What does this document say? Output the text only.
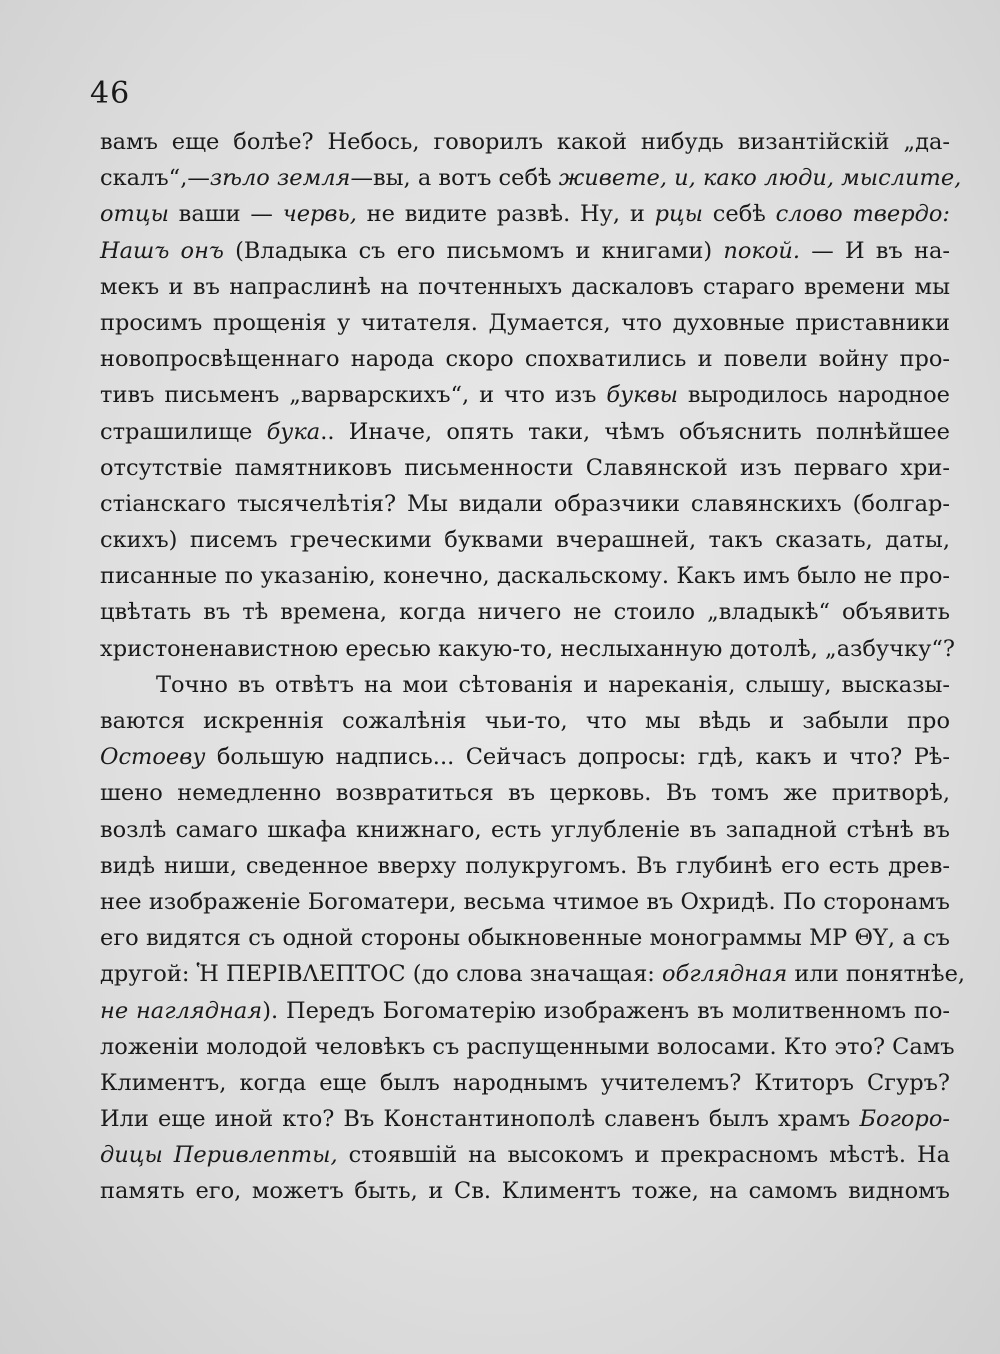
46
вамъ еще болѣе? Небось, говорилъ какой нибудь византійскій „да-
скалъ“,—зѣло земля—вы, а вотъ себѣ живете, и, како люди, мыслите,
отцы ваши — червь, не видите развѣ. Ну, и рцы себѣ слово твердо:
Нашъ онъ (Владыка съ его письмомъ и книгами) покой. — И въ на-
мекъ и въ напраслинѣ на почтенныхъ даскаловъ стараго времени мы
просимъ прощенія у читателя. Думается, что духовные приставники
новопросвѣщеннаго народа скоро спохватились и повели войну про-
тивъ письменъ „варварскихъ“, и что изъ буквы выродилось народное
страшилище бука.. Иначе, опять таки, чѣмъ объяснить полнѣйшее
отсутствіе памятниковъ письменности Славянской изъ перваго хри-
стіанскаго тысячелѣтія? Мы видали образчики славянскихъ (болгар-
скихъ) писемъ греческими буквами вчерашней, такъ сказать, даты,
писанные по указанію, конечно, даскальскому. Какъ имъ было не про-
цвѣтать въ тѣ времена, когда ничего не стоило „владыкѣ“ объявить
христоненавистною ересью какую-то, неслыханную дотолѣ, „азбучку“?
Точно въ отвѣтъ на мои сѣтованія и нареканія, слышу, высказы-
ваются искреннія сожалѣнія чьи-то, что мы вѣдь и забыли про
Остоеву большую надпись... Сейчасъ допросы: гдѣ, какъ и что? Рѣ-
шено немедленно возвратиться въ церковь. Въ томъ же притворѣ,
возлѣ самаго шкафа книжнаго, есть углубленіе въ западной стѣнѣ въ
видѣ ниши, сведенное вверху полукругомъ. Въ глубинѣ его есть древ-
нее изображеніе Богоматери, весьма чтимое въ Охридѣ. По сторонамъ
его видятся съ одной стороны обыкновенные монограммы МР ΘΥ, а съ
другой: Ἡ ΠΕΡΙΒΛΕΠΤΟС (до слова значащая: обглядная или понятнѣе,
не наглядная). Передъ Богоматерію изображенъ въ молитвенномъ по-
ложеніи молодой человѣкъ съ распущенными волосами. Кто это? Самъ
Климентъ, когда еще былъ народнымъ учителемъ? Ктиторъ Сгуръ?
Или еще иной кто? Въ Константинополѣ славенъ былъ храмъ Богоро-
дицы Перивлепты, стоявшій на высокомъ и прекрасномъ мѣстѣ. На
память его, можетъ быть, и Св. Климентъ тоже, на самомъ видномъ
